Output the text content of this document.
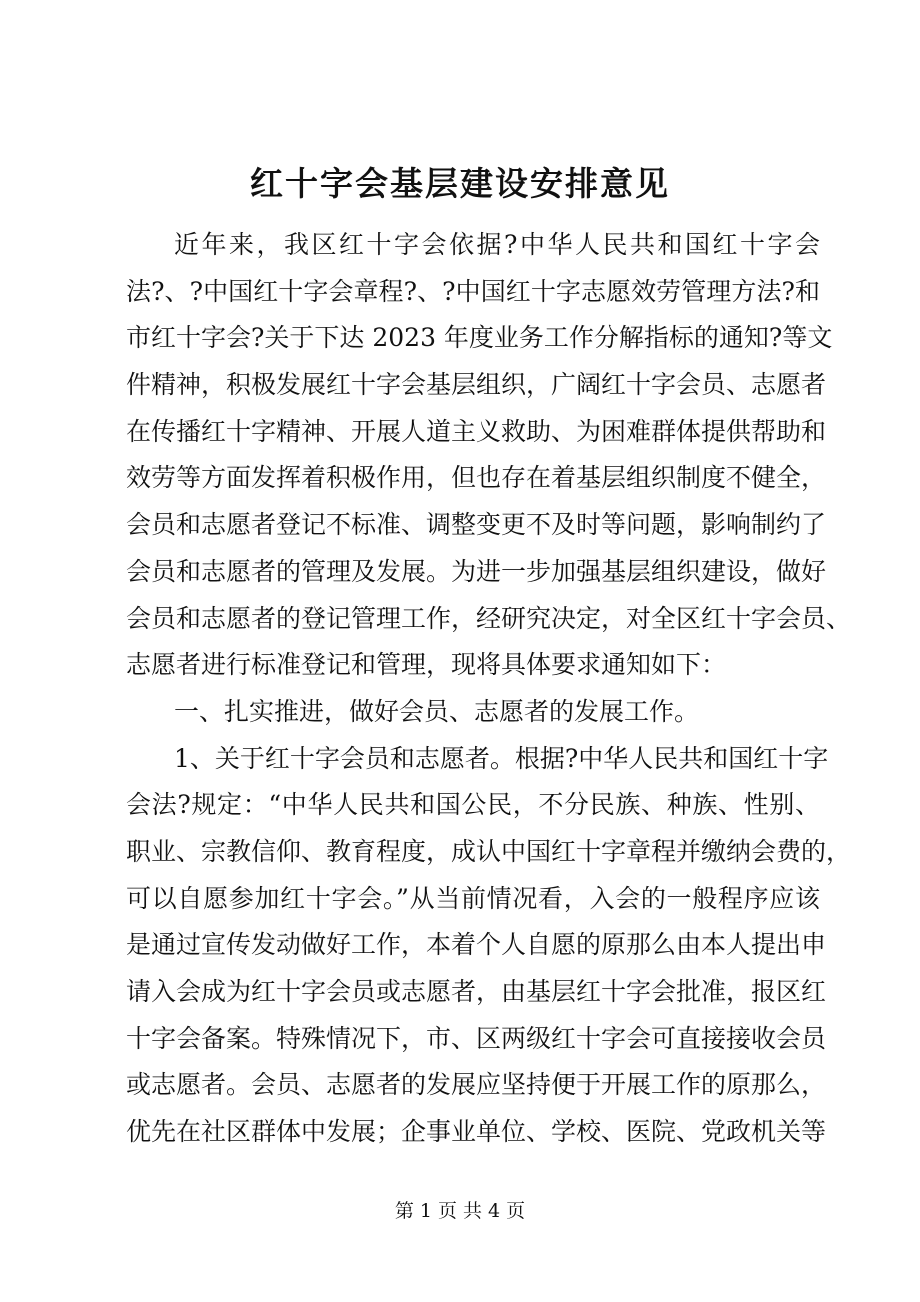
红十字会基层建设安排意见
近年来，我区红十字会依据?中华人民共和国红十字会
法?、?中国红十字会章程?、?中国红十字志愿效劳管理方法?和
市红十字会?关于下达 2023 年度业务工作分解指标的通知?等文
件精神，积极发展红十字会基层组织，广阔红十字会员、志愿者
在传播红十字精神、开展人道主义救助、为困难群体提供帮助和
效劳等方面发挥着积极作用，但也存在着基层组织制度不健全，
会员和志愿者登记不标准、调整变更不及时等问题，影响制约了
会员和志愿者的管理及发展。为进一步加强基层组织建设，做好
会员和志愿者的登记管理工作，经研究决定，对全区红十字会员、
志愿者进行标准登记和管理，现将具体要求通知如下：
一、扎实推进，做好会员、志愿者的发展工作。
1、关于红十字会员和志愿者。根据?中华人民共和国红十字
会法?规定：“中华人民共和国公民，不分民族、种族、性别、
职业、宗教信仰、教育程度，成认中国红十字章程并缴纳会费的，
可以自愿参加红十字会。”从当前情况看，入会的一般程序应该
是通过宣传发动做好工作，本着个人自愿的原那么由本人提出申
请入会成为红十字会员或志愿者，由基层红十字会批准，报区红
十字会备案。特殊情况下，市、区两级红十字会可直接接收会员
或志愿者。会员、志愿者的发展应坚持便于开展工作的原那么，
优先在社区群体中发展；企事业单位、学校、医院、党政机关等
第 1 页 共 4 页
